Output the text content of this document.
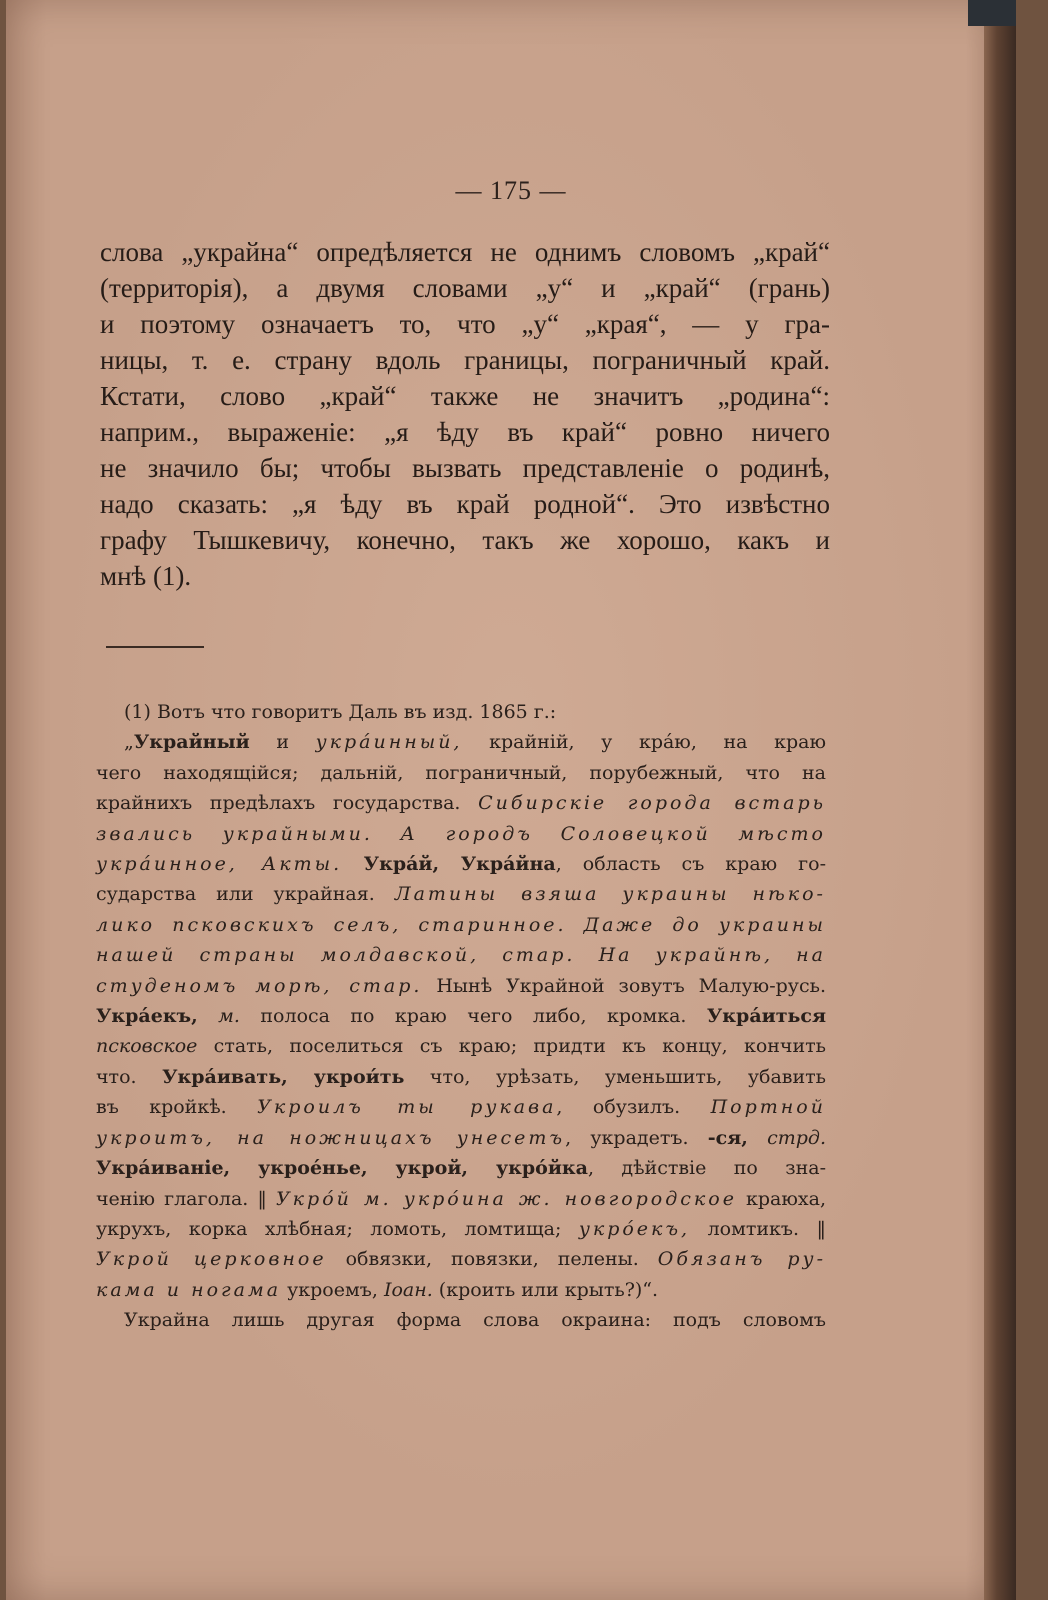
— 175 —
слова „украйна“ опредѣляется не однимъ словомъ „край“
(территорія), а двумя словами „у“ и „край“ (грань)
и поэтому означаетъ то, что „у“ „края“, — у гра-
ницы, т. е. страну вдоль границы, пограничный край.
Кстати, слово „край“ также не значитъ „родина“:
наприм., выраженіе: „я ѣду въ край“ ровно ничего
не значило бы; чтобы вызвать представленіе о родинѣ,
надо сказать: „я ѣду въ край родной“. Это извѣстно
графу Тышкевичу, конечно, такъ же хорошо, какъ и
мнѣ (1).
(1) Вотъ что говоритъ Даль въ изд. 1865 г.:
„Украйный и укра́инный, крайній, у кра́ю, на краю
чего находящійся; дальній, пограничный, порубежный, что на
крайнихъ предѣлахъ государства. Сибирскіе города встарь
звались украйными. А городъ Соловецкой мѣсто
укра́инное, Акты. Укра́й, Укра́йна, область съ краю го-
сударства или украйная. Латины взяша украины нѣко-
лико псковскихъ селъ, старинное. Даже до украины
нашей страны молдавской, стар. На украйнѣ, на
студеномъ морѣ, стар. Нынѣ Украйной зовутъ Малую-русь.
Укра́екъ, м. полоса по краю чего либо, кромка. Укра́иться
псковское стать, поселиться съ краю; придти къ концу, кончить
что. Укра́ивать, укрои́ть что, урѣзать, уменьшить, убавить
въ кройкѣ. Укроилъ ты рукава, обузилъ. Портной
укроитъ, на ножницахъ унесетъ, украдетъ. -ся, стрд.
Укра́иваніе, укрое́нье, укрой, укро́йка, дѣйствіе по зна-
ченію глагола. ‖ Укро́й м. укро́ина ж. новгородское краюха,
укрухъ, корка хлѣбная; ломоть, ломтища; укро́екъ, ломтикъ. ‖
Укрой церковное обвязки, повязки, пелены. Обязанъ ру-
кама и ногама укроемъ, Іоан. (кроить или крыть?)“.
Украйна лишь другая форма слова окраина: подъ словомъ
